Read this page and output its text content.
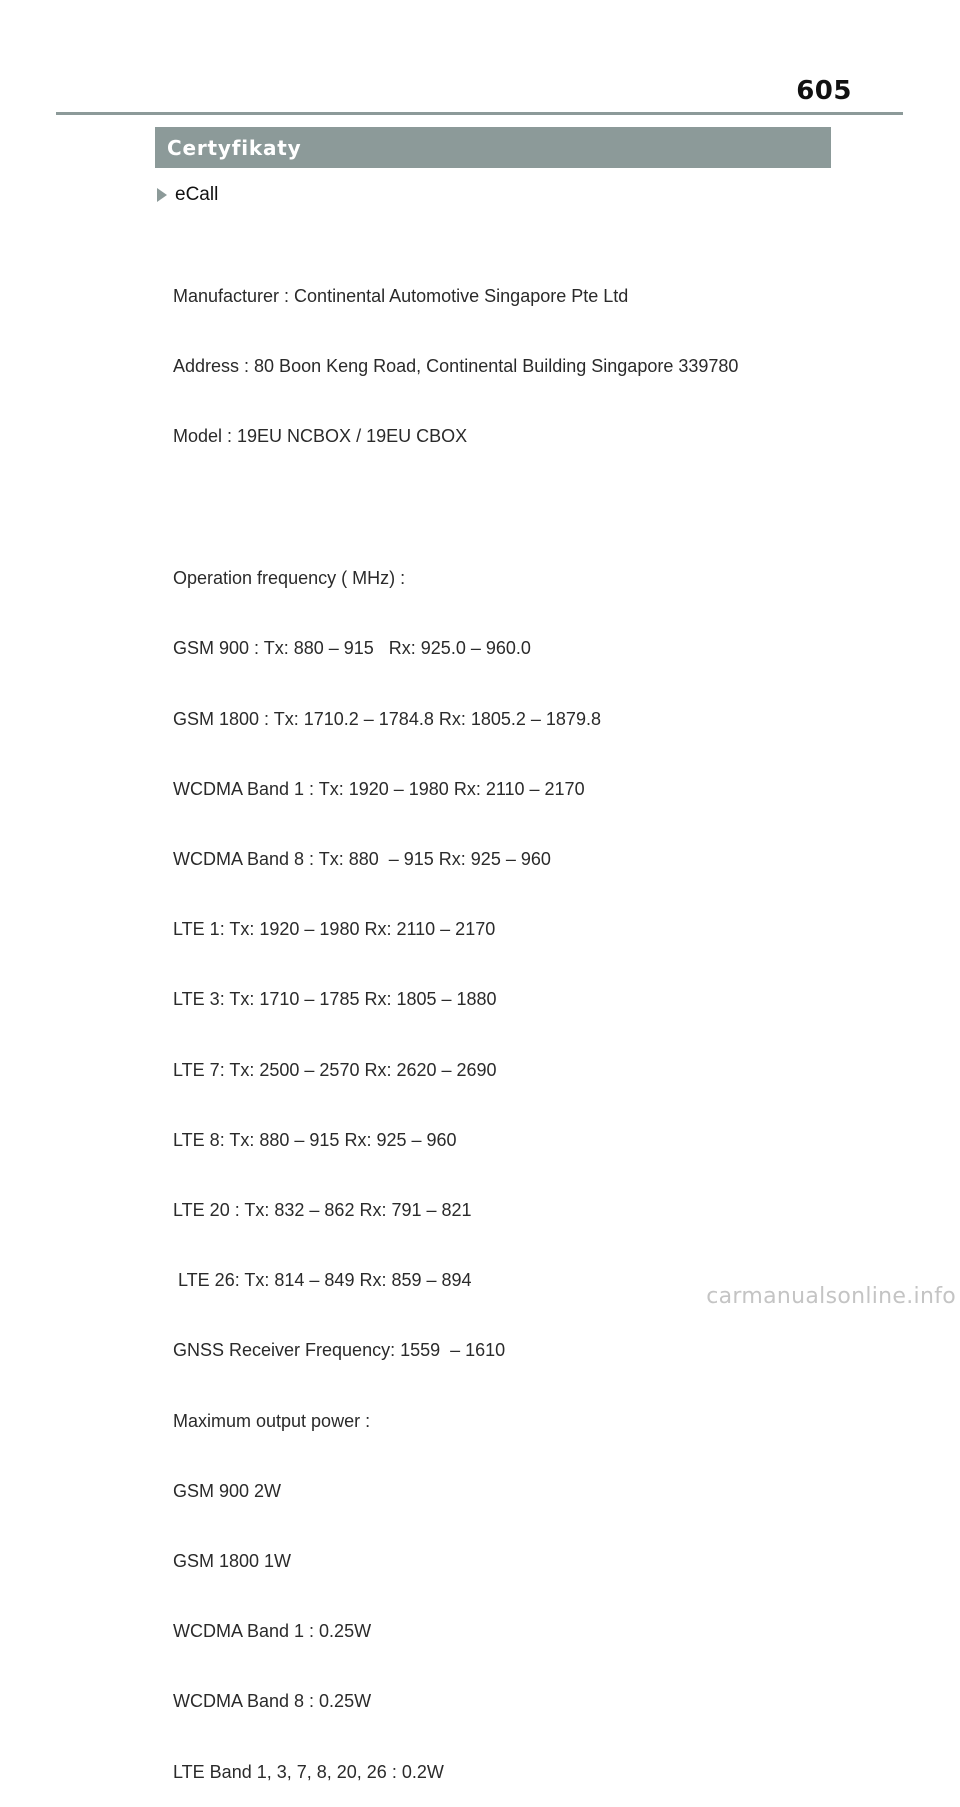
605
Certyfikaty
eCall

Manufacturer : Continental Automotive Singapore Pte Ltd

Address : 80 Boon Keng Road, Continental Building Singapore 339780

Model : 19EU NCBOX / 19EU CBOX

Operation frequency ( MHz) :

GSM 900 : Tx: 880 – 915   Rx: 925.0 – 960.0

GSM 1800 : Tx: 1710.2 – 1784.8 Rx: 1805.2 – 1879.8

WCDMA Band 1 : Tx: 1920 – 1980 Rx: 2110 – 2170

WCDMA Band 8 : Tx: 880  – 915 Rx: 925 – 960

LTE 1: Tx: 1920 – 1980 Rx: 2110 – 2170

LTE 3: Tx: 1710 – 1785 Rx: 1805 – 1880

LTE 7: Tx: 2500 – 2570 Rx: 2620 – 2690

LTE 8: Tx: 880 – 915 Rx: 925 – 960

LTE 20 : Tx: 832 – 862 Rx: 791 – 821

LTE 26: Tx: 814 – 849 Rx: 859 – 894

GNSS Receiver Frequency: 1559  – 1610

Maximum output power :

GSM 900 2W

GSM 1800 1W

WCDMA Band 1 : 0.25W

WCDMA Band 8 : 0.25W

LTE Band 1, 3, 7, 8, 20, 26 : 0.2W

carmanualsonline.info
